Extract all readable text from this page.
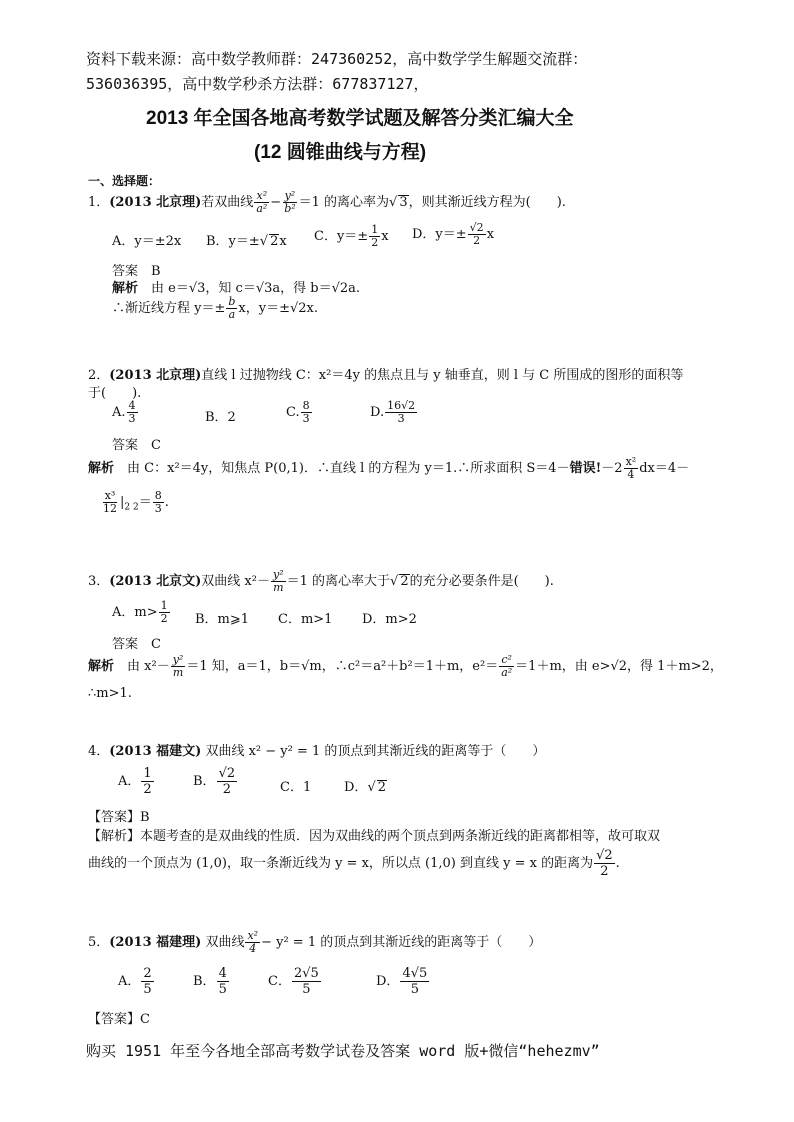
资料下载来源：高中数学教师群：247360252，高中数学学生解题交流群：
536036395，高中数学秒杀方法群：677837127，
2013 年全国各地高考数学试题及解答分类汇编大全
(12 圆锥曲线与方程)
一、选择题：
1．(2013 北京理)若双曲线 $\frac{\text{x²}}{\text{a²}} - \frac{\text{y²}}{\text{b²}} =1$ 的离心率为√ 3，则其渐近线方程为(　　).
A．y＝±2x B．y＝±√ 2x C．$y=\pm \frac{1}{2}$ x D．$y=\pm \frac{√2}{2}$ x
答案　 B
解析　 由 e＝√3，知 c＝√3a，得 b＝√2a.
∴渐近线方程 $y=\pm \frac{b}{a}$ x，y＝±√2x.
2．(2013 北京理)直线 l 过抛物线 C：x²＝4y 的焦点且与 y 轴垂直，则 l 与 C 所围成的图形的面积等
于(　　).
A. $\frac{4}{3}$	B．2	C. $\frac{8}{3}$	D. $\frac{16√2}{3}$
答案　 C
解析　 由 C：x²＝4y，知焦点 P(0,1)．∴直线 l 的方程为 y＝1.∴所求面积 S＝4－错误$!-2 \frac{\text{x²}}{4} dx=4-$
$\frac{\text{x³}}{12} |_{2 2}= \frac{8}{3}$ .
3．(2013 北京文)双曲线 $x^2- \frac{\text{y²}}{m} =1$ 的离心率大于√ 2的充分必要条件是(　　).
A．$m> \frac{1}{2}$ B．m⩾1 C．m>1 D．m>2
答案　 C
解析　 由 $x^2- \frac{\text{y²}}{m} =1$ 知，a＝1，b＝√m，∴c²＝a²＋b²＝1＋m，$e^2= \frac{\text{c²}}{\text{a²}} =1+m$，由 e>√2，得 1＋m>2，
∴m>1.
4．(2013 福建文) 双曲线 x² − y² = 1 的顶点到其渐近线的距离等于（　　）
A． $\frac{1}{2}$	B． $\frac{√2}{2}$	C．1	D．√ 2
【答案】B
【解析】本题考查的是双曲线的性质．因为双曲线的两个顶点到两条渐近线的距离都相等，故可取双
曲线的一个顶点为 (1,0)，取一条渐近线为 y = x，所以点 (1,0) 到直线 y = x 的距离为 $\frac{√2}{2}$ .
5．(2013 福建理) 双曲线 $\frac{\text{x²}}{4} - y^2 = 1$ 的顶点到其渐近线的距离等于（　　）
A． $\frac{2}{5}$	B． $\frac{4}{5}$	C． $\frac{2√5}{5}$	D． $\frac{4√5}{5}$
【答案】C
购买 1951 年至今各地全部高考数学试卷及答案 word 版+微信“hehezmv”
